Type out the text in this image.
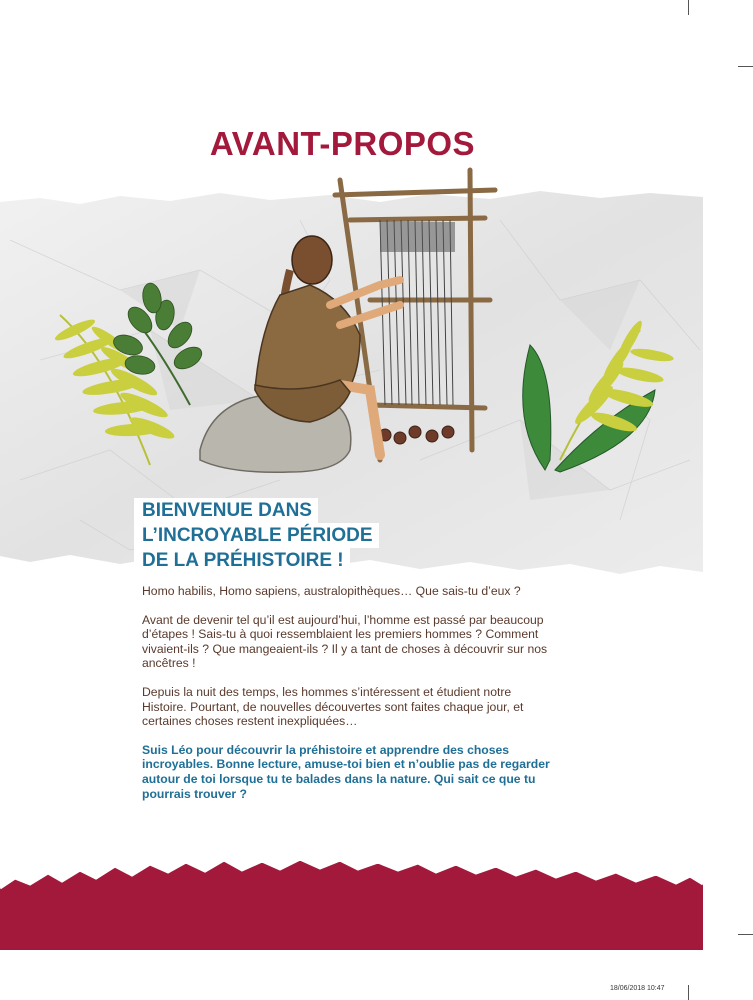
AVANT-PROPOS
BIENVENUE DANS
L’INCROYABLE PÉRIODE
DE LA PRÉHISTOIRE !

Homo habilis, Homo sapiens, australopithèques… Que sais-tu d’eux ?

Avant de devenir tel qu’il est aujourd’hui, l’homme est passé par beaucoup d’étapes ! Sais-tu à quoi ressemblaient les premiers hommes ? Comment vivaient-ils ? Que mangeaient-ils ? Il y a tant de choses à découvrir sur nos ancêtres !

Depuis la nuit des temps, les hommes s’intéressent et étudient notre Histoire. Pourtant, de nouvelles découvertes sont faites chaque jour, et certaines choses restent inexpliquées…

Suis Léo pour découvrir la préhistoire et apprendre des choses incroyables. Bonne lecture, amuse-toi bien et n’oublie pas de regarder autour de toi lorsque tu te balades dans la nature. Qui sait ce que tu pourrais trouver ?

18/06/2018 10:47
